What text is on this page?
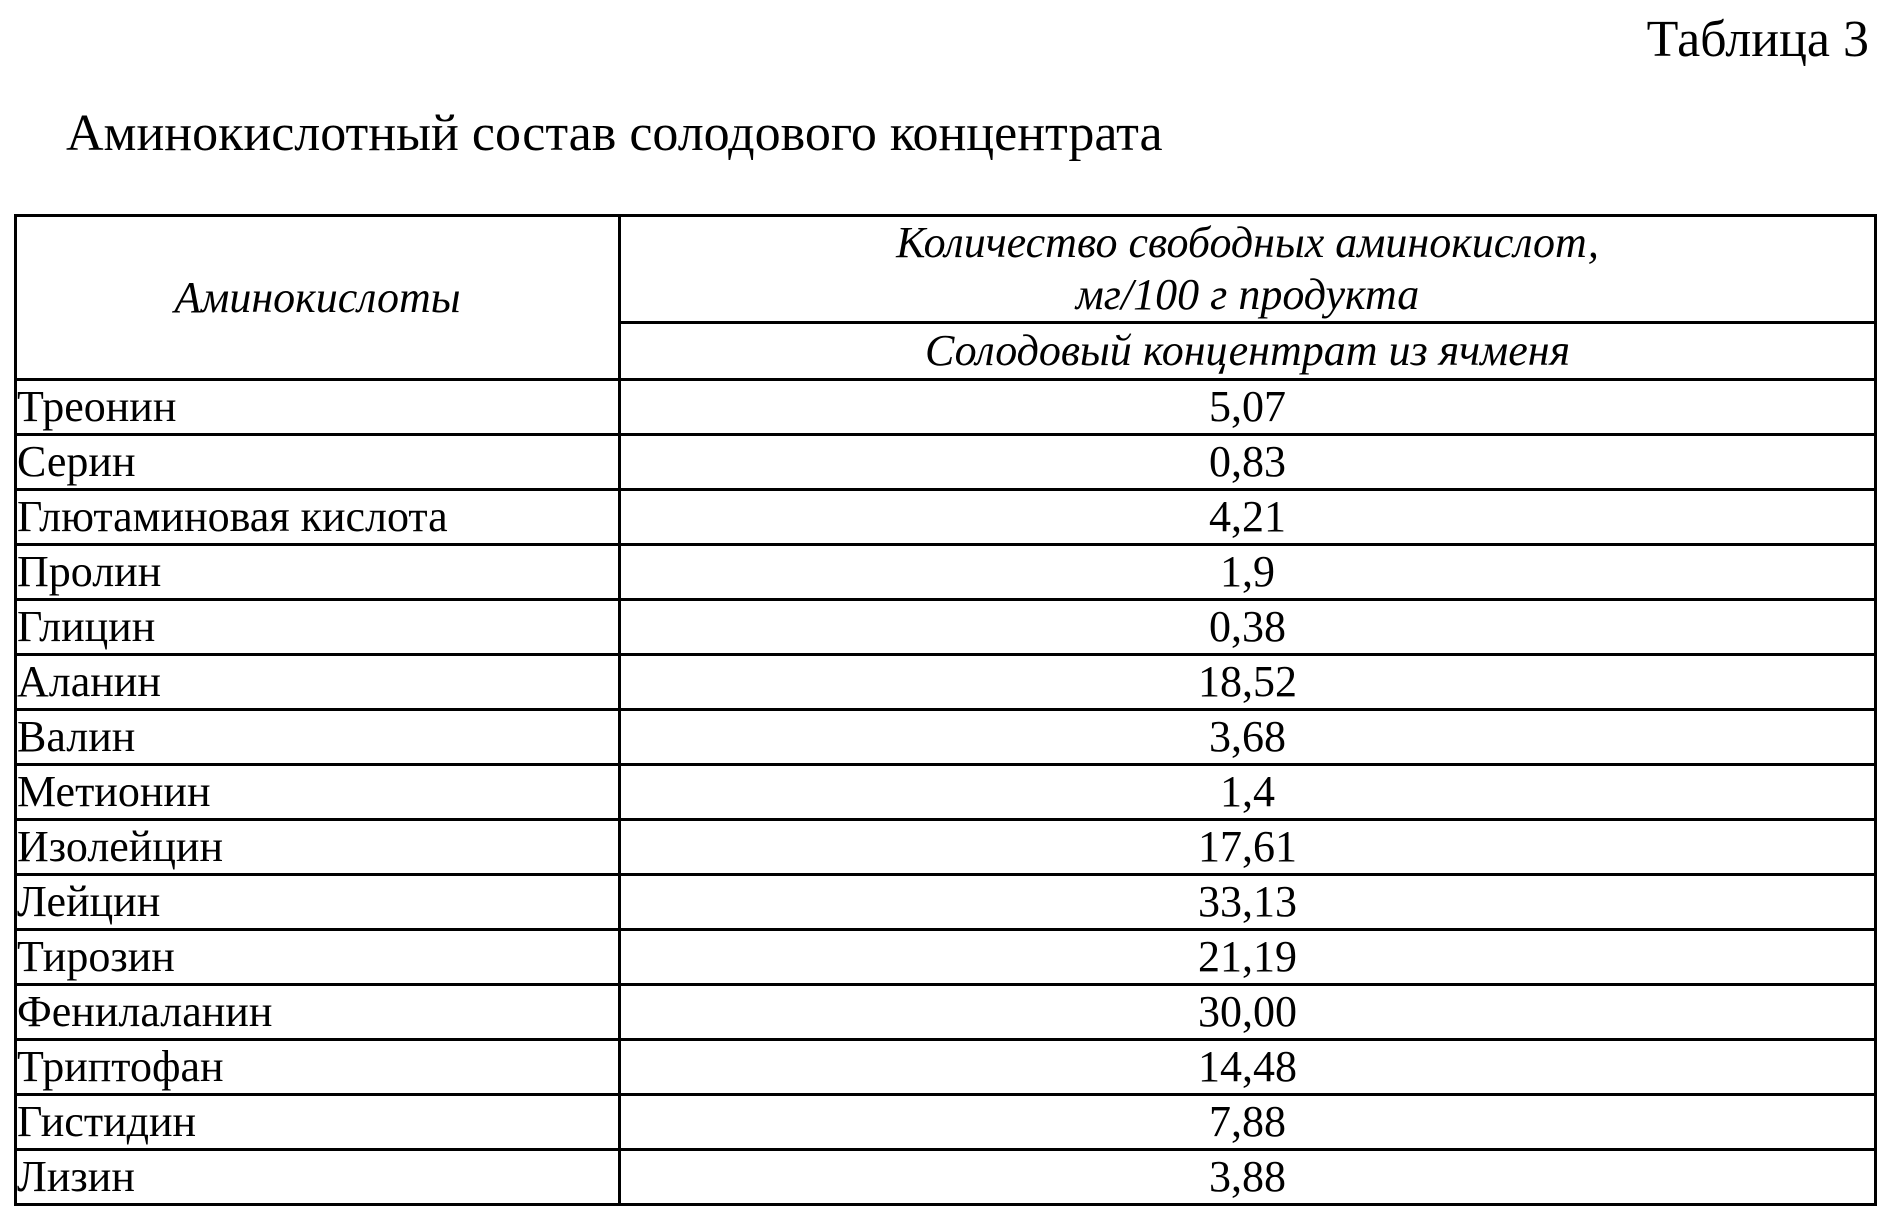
Таблица 3
Аминокислотный состав солодового концентрата
Аминокислоты	Количество свободных аминокислот,
мг/100 г продукта

	Солодовый концентрат из ячменя
Треонин	5,07
Серин	0,83
Глютаминовая кислота	4,21
Пролин	1,9
Глицин	0,38
Аланин	18,52
Валин	3,68
Метионин	1,4
Изолейцин	17,61
Лейцин	33,13
Тирозин	21,19
Фенилаланин	30,00
Триптофан	14,48
Гистидин	7,88
Лизин	3,88
